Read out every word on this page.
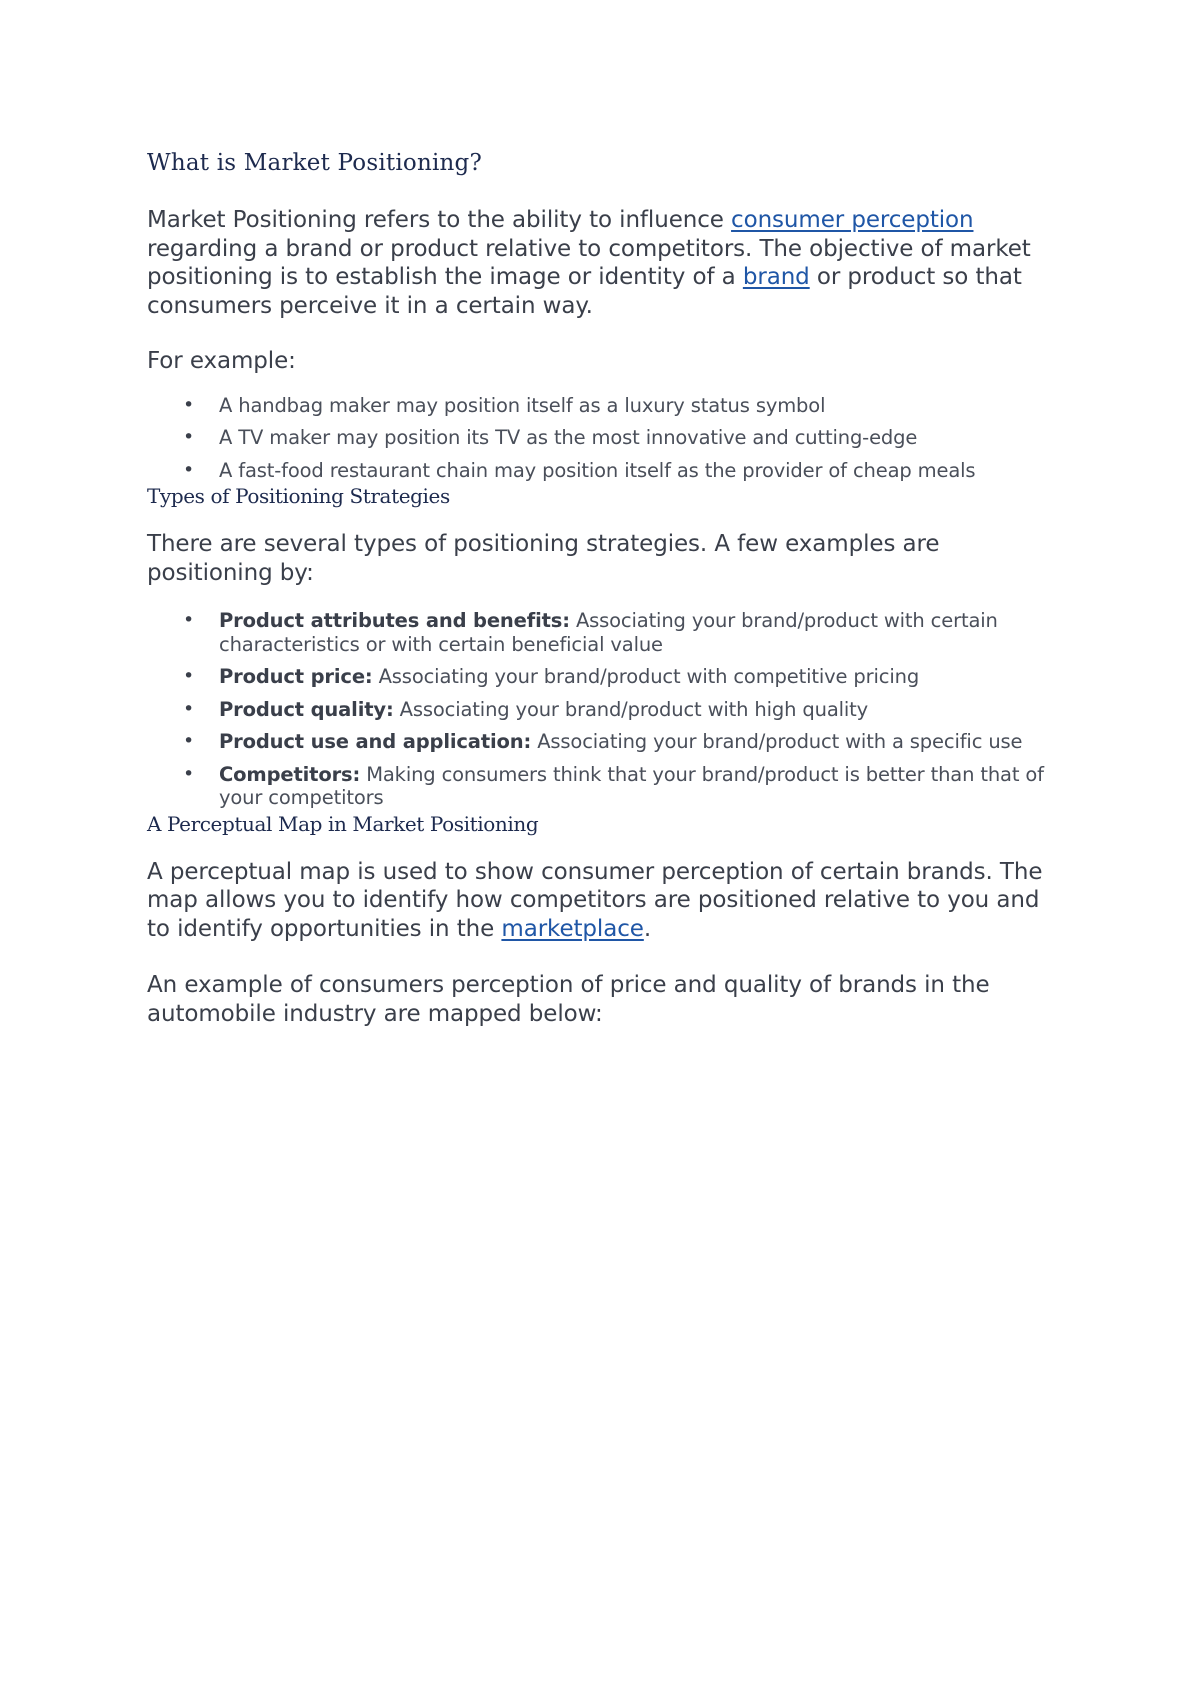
What is Market Positioning?

Market Positioning refers to the ability to influence consumer perception regarding a brand or product relative to competitors. The objective of market positioning is to establish the image or identity of a brand or product so that consumers perceive it in a certain way.

For example:

• A handbag maker may position itself as a luxury status symbol
• A TV maker may position its TV as the most innovative and cutting-edge
• A fast-food restaurant chain may position itself as the provider of cheap meals
Types of Positioning Strategies

There are several types of positioning strategies. A few examples are positioning by:

• Product attributes and benefits: Associating your brand/product with certain characteristics or with certain beneficial value
• Product price: Associating your brand/product with competitive pricing
• Product quality: Associating your brand/product with high quality
• Product use and application: Associating your brand/product with a specific use
• Competitors: Making consumers think that your brand/product is better than that of your competitors
A Perceptual Map in Market Positioning

A perceptual map is used to show consumer perception of certain brands. The map allows you to identify how competitors are positioned relative to you and to identify opportunities in the marketplace.

An example of consumers perception of price and quality of brands in the automobile industry are mapped below:
